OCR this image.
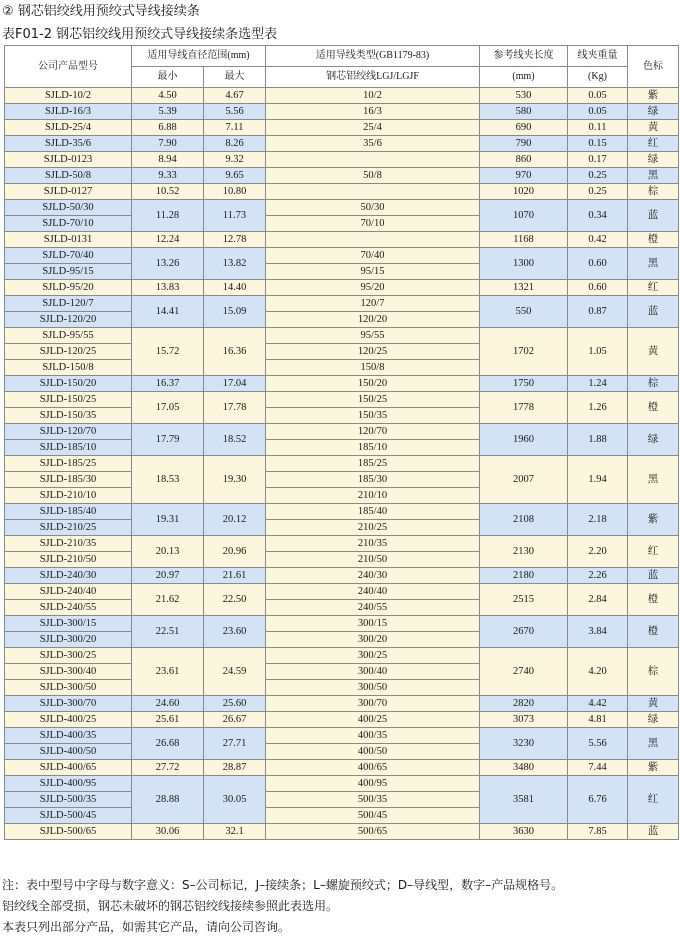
② 钢芯铝绞线用预绞式导线接续条
表F01-2 钢芯铝绞线用预绞式导线接续条选型表
公司产品型号	适用导线直径范围(mm)		适用导线类型(GB1179-83)	参考线夹长度	线夹重量	色标
	最小	最大	钢芯铝绞线LGJ/LGJF	(mm)	(Kg)	
SJLD-10/2	4.50	4.67	10/2	530	0.05	紫
SJLD-16/3	5.39	5.56	16/3	580	0.05	绿
SJLD-25/4	6.88	7.11	25/4	690	0.11	黄
SJLD-35/6	7.90	8.26	35/6	790	0.15	红
SJLD-0123	8.94	9.32		860	0.17	绿
SJLD-50/8	9.33	9.65	50/8	970	0.25	黑
SJLD-0127	10.52	10.80		1020	0.25	棕
SJLD-50/30	11.28	11.73	50/30	1070	0.34	蓝
SJLD-70/10			70/10			
SJLD-0131	12.24	12.78		1168	0.42	橙
SJLD-70/40	13.26	13.82	70/40	1300	0.60	黑
SJLD-95/15			95/15			
SJLD-95/20	13.83	14.40	95/20	1321	0.60	红
SJLD-120/7	14.41	15.09	120/7	550	0.87	蓝
SJLD-120/20			120/20			
SJLD-95/55	15.72	16.36	95/55	1702	1.05	黄
SJLD-120/25			120/25			
SJLD-150/8			150/8			
SJLD-150/20	16.37	17.04	150/20	1750	1.24	棕
SJLD-150/25	17.05	17.78	150/25	1778	1.26	橙
SJLD-150/35			150/35			
SJLD-120/70	17.79	18.52	120/70	1960	1.88	绿
SJLD-185/10			185/10			
SJLD-185/25	18.53	19.30	185/25	2007	1.94	黑
SJLD-185/30			185/30			
SJLD-210/10			210/10			
SJLD-185/40	19.31	20.12	185/40	2108	2.18	紫
SJLD-210/25			210/25			
SJLD-210/35	20.13	20.96	210/35	2130	2.20	红
SJLD-210/50			210/50			
SJLD-240/30	20.97	21.61	240/30	2180	2.26	蓝
SJLD-240/40	21.62	22.50	240/40	2515	2.84	橙
SJLD-240/55			240/55			
SJLD-300/15	22.51	23.60	300/15	2670	3.84	橙
SJLD-300/20			300/20			
SJLD-300/25	23.61	24.59	300/25	2740	4.20	棕
SJLD-300/40			300/40			
SJLD-300/50			300/50			
SJLD-300/70	24.60	25.60	300/70	2820	4.42	黄
SJLD-400/25	25.61	26.67	400/25	3073	4.81	绿
SJLD-400/35	26.68	27.71	400/35	3230	5.56	黑
SJLD-400/50			400/50			
SJLD-400/65	27.72	28.87	400/65	3480	7.44	紫
SJLD-400/95	28.88	30.05	400/95	3581	6.76	红
SJLD-500/35			500/35			
SJLD-500/45			500/45			
SJLD-500/65	30.06	32.1	500/65	3630	7.85	蓝
注：表中型号中字母与数字意义：S–公司标记，J–接续条；L–螺旋预绞式；D–导线型，数字–产品规格号。
铝绞线全部受损，钢芯未破坏的钢芯铝绞线接续参照此表选用。
本表只列出部分产品，如需其它产品，请向公司咨询。
